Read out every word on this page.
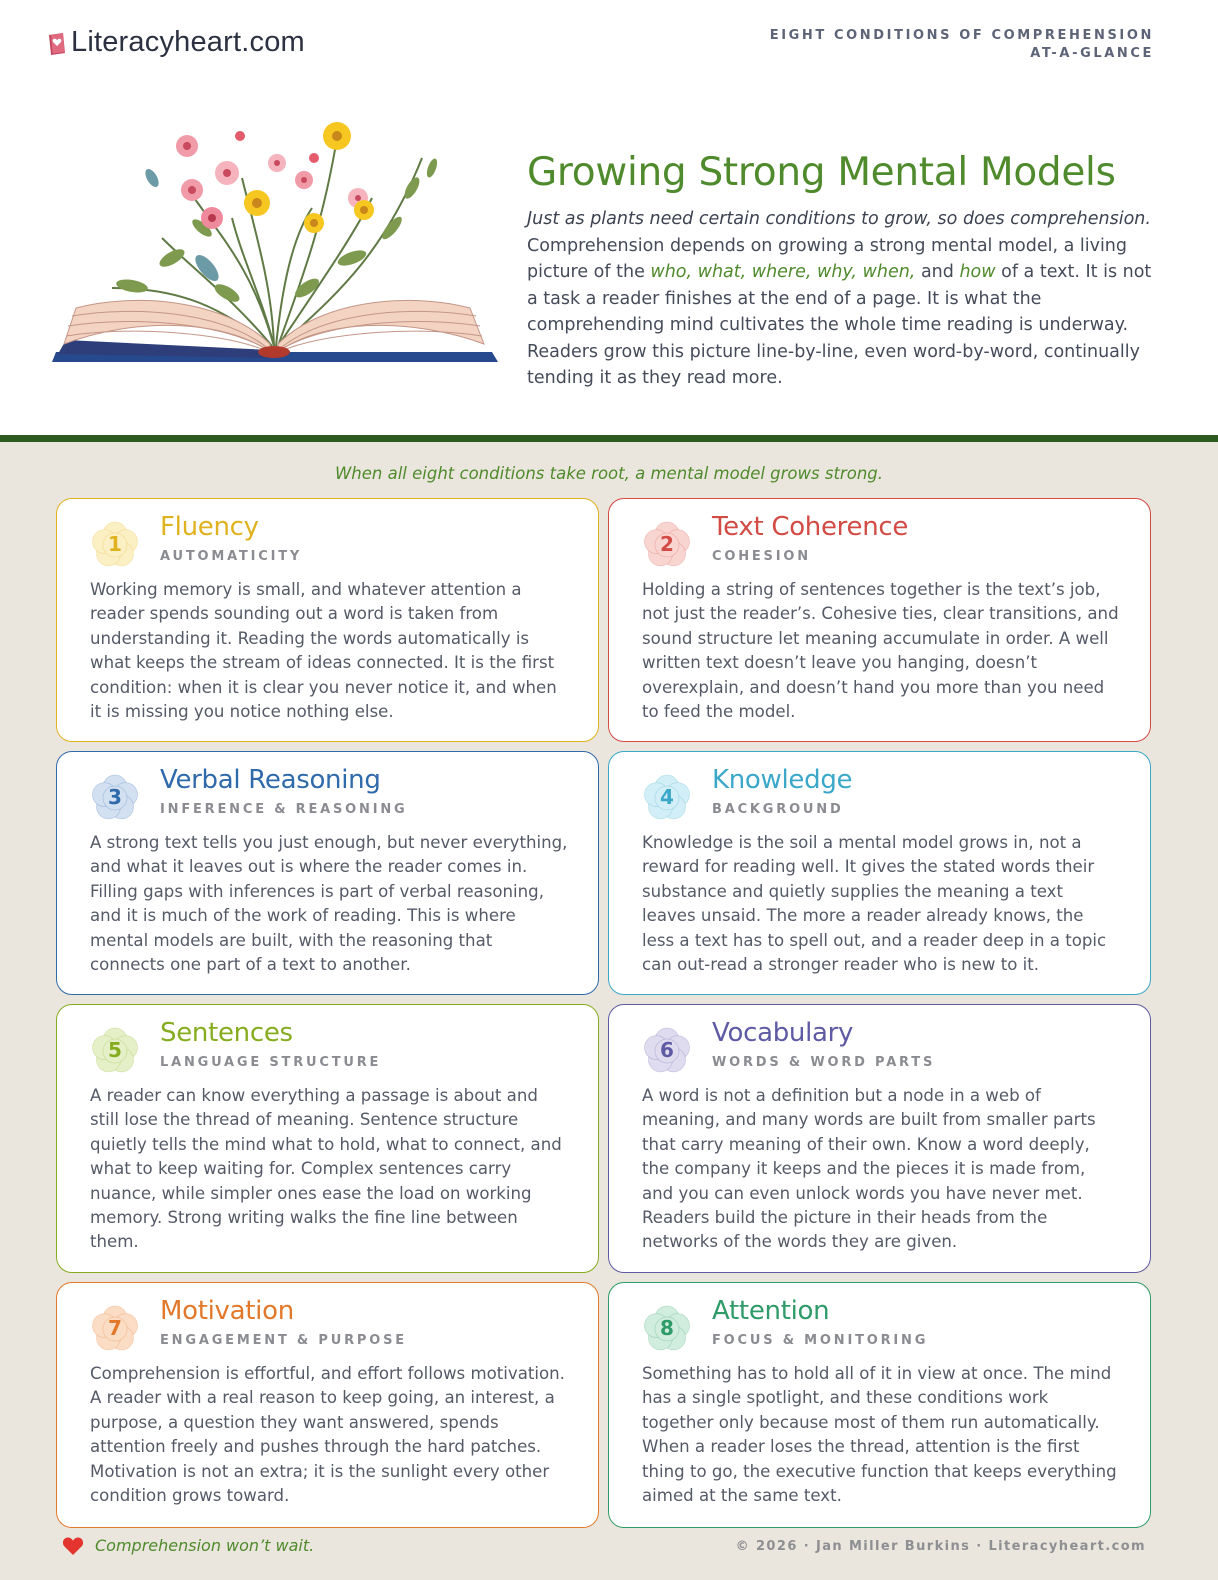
Literacyheart.com	EIGHT CONDITIONS OF COMPREHENSION
AT-A-GLANCE
Growing Strong Mental Models
Just as plants need certain conditions to grow, so does comprehension. Comprehension depends on growing a strong mental model, a living picture of the who, what, where, why, when, and how of a text. It is not a task a reader finishes at the end of a page. It is what the comprehending mind cultivates the whole time reading is underway. Readers grow this picture line-by-line, even word-by-word, continually tending it as they read more.
When all eight conditions take root, a mental model grows strong.
1
Fluency
AUTOMATICITY
Working memory is small, and whatever attention a reader spends sounding out a word is taken from understanding it. Reading the words automatically is what keeps the stream of ideas connected. It is the first condition: when it is clear you never notice it, and when it is missing you notice nothing else.
2
Text Coherence
COHESION
Holding a string of sentences together is the text’s job, not just the reader’s. Cohesive ties, clear transitions, and sound structure let meaning accumulate in order. A well written text doesn’t leave you hanging, doesn’t overexplain, and doesn’t hand you more than you need to feed the model.
3
Verbal Reasoning
INFERENCE & REASONING
A strong text tells you just enough, but never everything, and what it leaves out is where the reader comes in. Filling gaps with inferences is part of verbal reasoning, and it is much of the work of reading. This is where mental models are built, with the reasoning that connects one part of a text to another.
4
Knowledge
BACKGROUND
Knowledge is the soil a mental model grows in, not a reward for reading well. It gives the stated words their substance and quietly supplies the meaning a text leaves unsaid. The more a reader already knows, the less a text has to spell out, and a reader deep in a topic can out-read a stronger reader who is new to it.
5
Sentences
LANGUAGE STRUCTURE
A reader can know everything a passage is about and still lose the thread of meaning. Sentence structure quietly tells the mind what to hold, what to connect, and what to keep waiting for. Complex sentences carry nuance, while simpler ones ease the load on working memory. Strong writing walks the fine line between them.
6
Vocabulary
WORDS & WORD PARTS
A word is not a definition but a node in a web of meaning, and many words are built from smaller parts that carry meaning of their own. Know a word deeply, the company it keeps and the pieces it is made from, and you can even unlock words you have never met. Readers build the picture in their heads from the networks of the words they are given.
7
Motivation
ENGAGEMENT & PURPOSE
Comprehension is effortful, and effort follows motivation. A reader with a real reason to keep going, an interest, a purpose, a question they want answered, spends attention freely and pushes through the hard patches. Motivation is not an extra; it is the sunlight every other condition grows toward.
8
Attention
FOCUS & MONITORING
Something has to hold all of it in view at once. The mind has a single spotlight, and these conditions work together only because most of them run automatically. When a reader loses the thread, attention is the first thing to go, the executive function that keeps everything aimed at the same text.
Comprehension won’t wait.	© 2026 · Jan Miller Burkins · Literacyheart.com
